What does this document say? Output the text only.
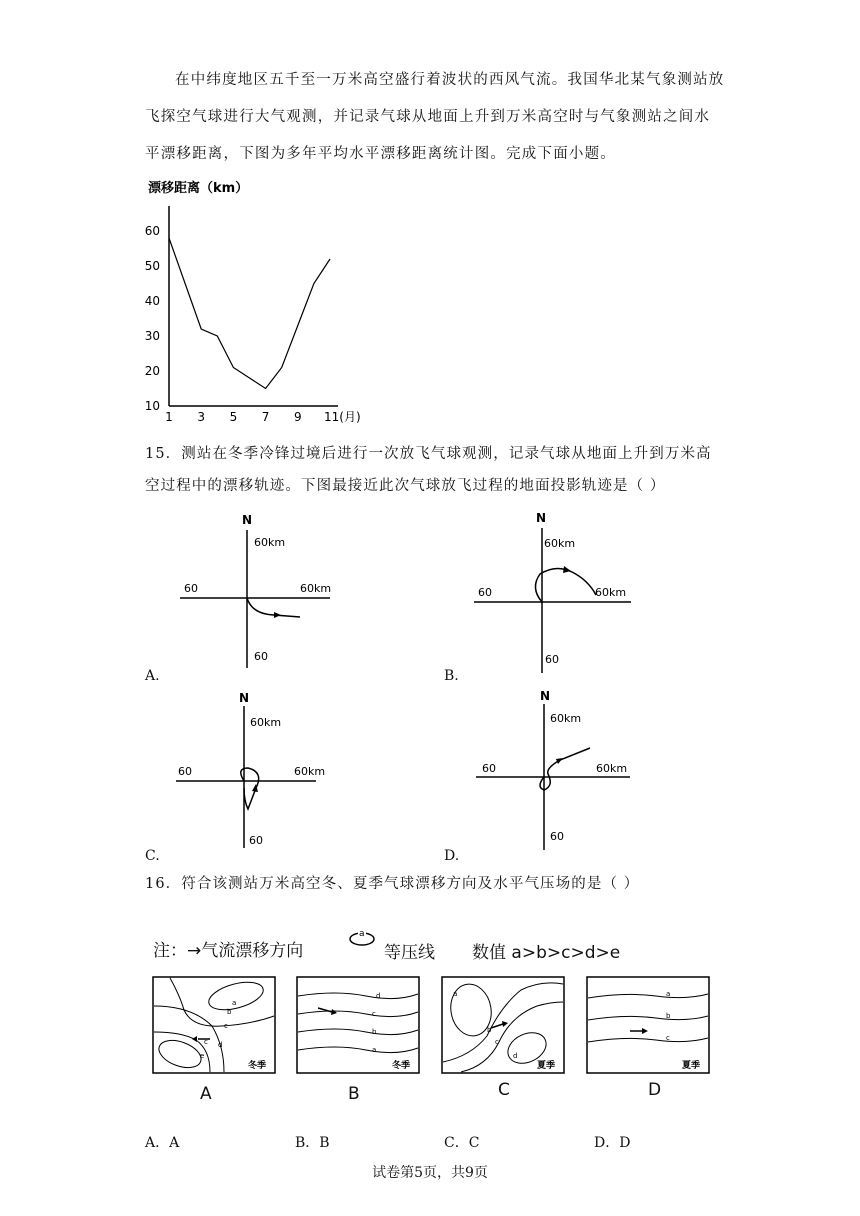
在中纬度地区五千至一万米高空盛行着波状的西风气流。我国华北某气象测站放飞探空气球进行大气观测，并记录气球从地面上升到万米高空时与气象测站之间水平漂移距离，下图为多年平均水平漂移距离统计图。完成下面小题。
漂移距离（km）
10
20
30
40
50
60
1 3 5 7 9 11(月)
15．测站在冬季冷锋过境后进行一次放飞气球观测，记录气球从地面上升到万米高空过程中的漂移轨迹。下图最接近此次气球放飞过程的地面投影轨迹是（ ）
N
60km
60	60km
60
A.
N
60km
60	60km
60
B.
N
60km
60	60km
60
C.
N
60km
60	60km
60
D.
16．符合该测站万米高空冬、夏季气球漂移方向及水平气压场的是（ ）
注：→气流漂移方向
a
等压线 数值 a>b>c>d>e
a
b
c
d
c
e
冬季
A
d
c
b
a
冬季
B
a
b
c
d
夏季
C
a
b
c
夏季
D
A．A	B．B	C．C	D．D
试卷第5页，共9页
